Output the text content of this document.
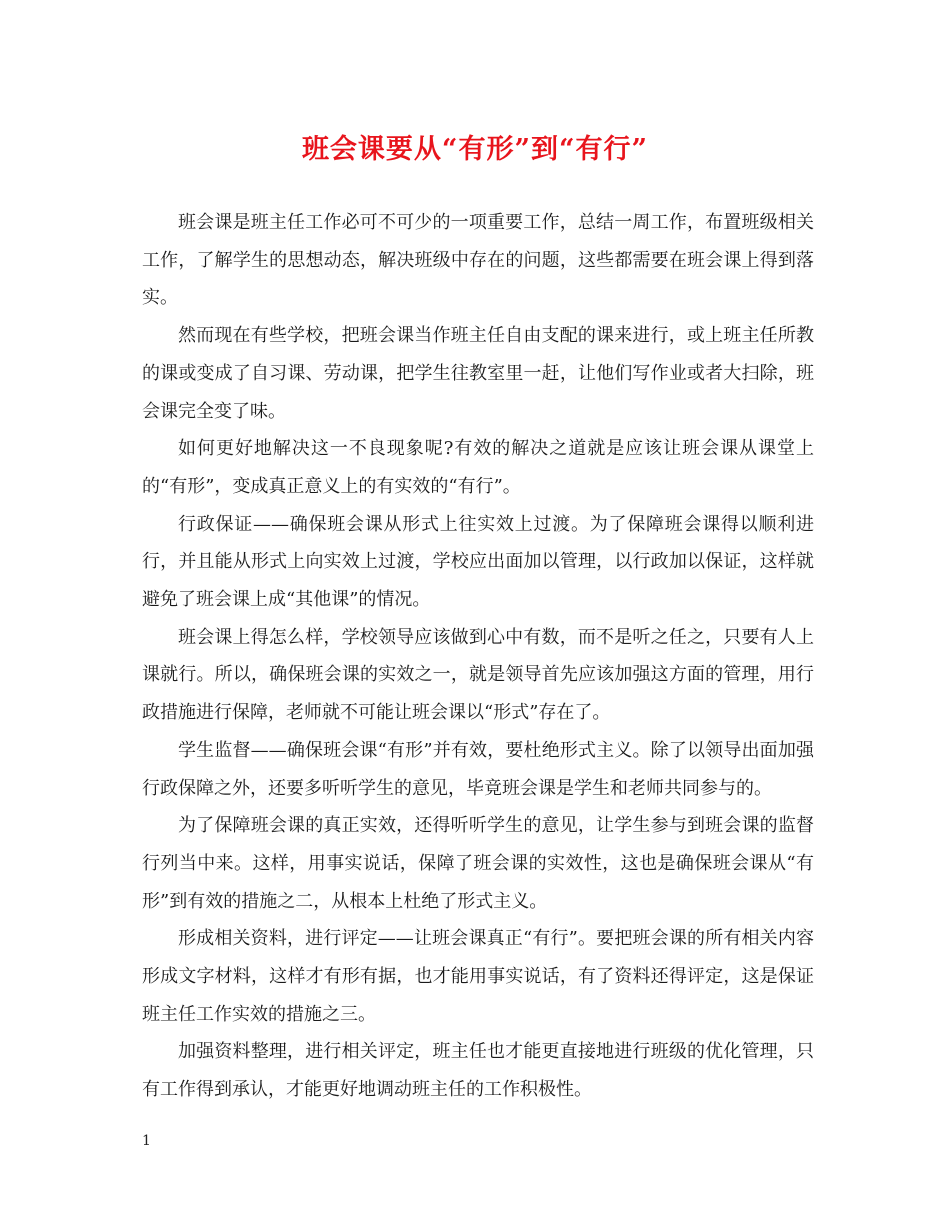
班会课要从“有形”到“有行”

班会课是班主任工作必可不可少的一项重要工作，总结一周工作，布置班级相关工作，了解学生的思想动态，解决班级中存在的问题，这些都需要在班会课上得到落实。

然而现在有些学校，把班会课当作班主任自由支配的课来进行，或上班主任所教的课或变成了自习课、劳动课，把学生往教室里一赶，让他们写作业或者大扫除，班会课完全变了味。

如何更好地解决这一不良现象呢?有效的解决之道就是应该让班会课从课堂上的“有形”，变成真正意义上的有实效的“有行”。

行政保证——确保班会课从形式上往实效上过渡。为了保障班会课得以顺利进行，并且能从形式上向实效上过渡，学校应出面加以管理，以行政加以保证，这样就避免了班会课上成“其他课”的情况。

班会课上得怎么样，学校领导应该做到心中有数，而不是听之任之，只要有人上课就行。所以，确保班会课的实效之一，就是领导首先应该加强这方面的管理，用行政措施进行保障，老师就不可能让班会课以“形式”存在了。

学生监督——确保班会课“有形”并有效，要杜绝形式主义。除了以领导出面加强行政保障之外，还要多听听学生的意见，毕竟班会课是学生和老师共同参与的。

为了保障班会课的真正实效，还得听听学生的意见，让学生参与到班会课的监督行列当中来。这样，用事实说话，保障了班会课的实效性，这也是确保班会课从“有形”到有效的措施之二，从根本上杜绝了形式主义。

形成相关资料，进行评定——让班会课真正“有行”。要把班会课的所有相关内容形成文字材料，这样才有形有据，也才能用事实说话，有了资料还得评定，这是保证班主任工作实效的措施之三。

加强资料整理，进行相关评定，班主任也才能更直接地进行班级的优化管理，只有工作得到承认，才能更好地调动班主任的工作积极性。

1
